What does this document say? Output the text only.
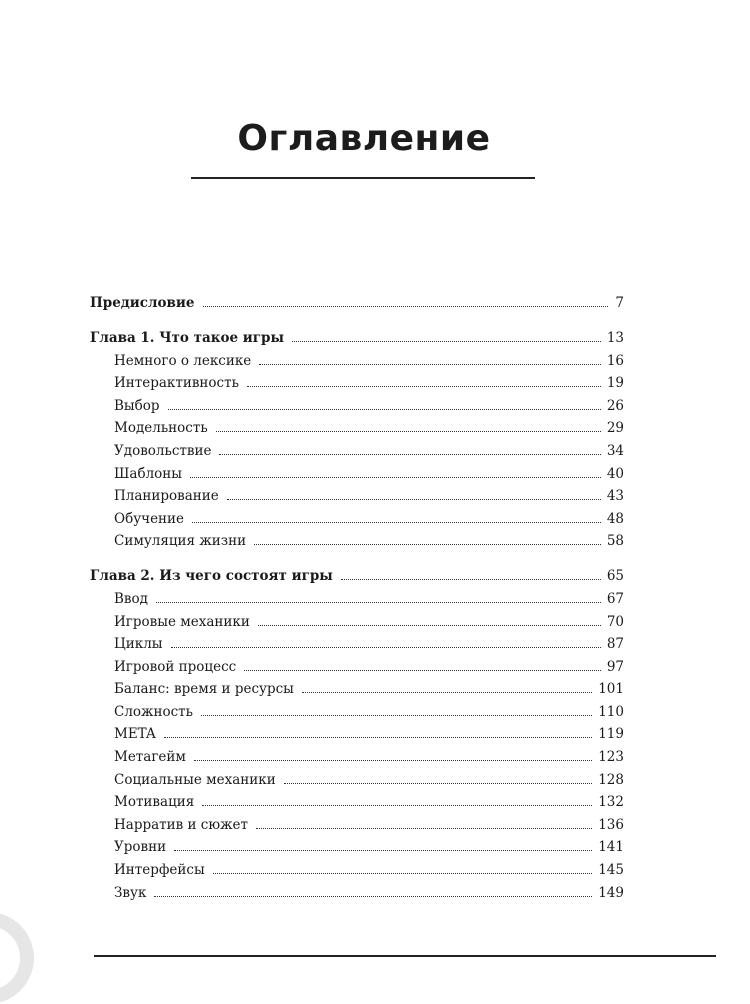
Оглавление
Предисловие	7
Глава 1. Что такое игры	13
Немного о лексике	16
Интерактивность	19
Выбор	26
Модельность	29
Удовольствие	34
Шаблоны	40
Планирование	43
Обучение	48
Симуляция жизни	58
Глава 2. Из чего состоят игры	65
Ввод	67
Игровые механики	70
Циклы	87
Игровой процесс	97
Баланс: время и ресурсы	101
Сложность	110
META	119
Метагейм	123
Социальные механики	128
Мотивация	132
Нарратив и сюжет	136
Уровни	141
Интерфейсы	145
Звук	149
